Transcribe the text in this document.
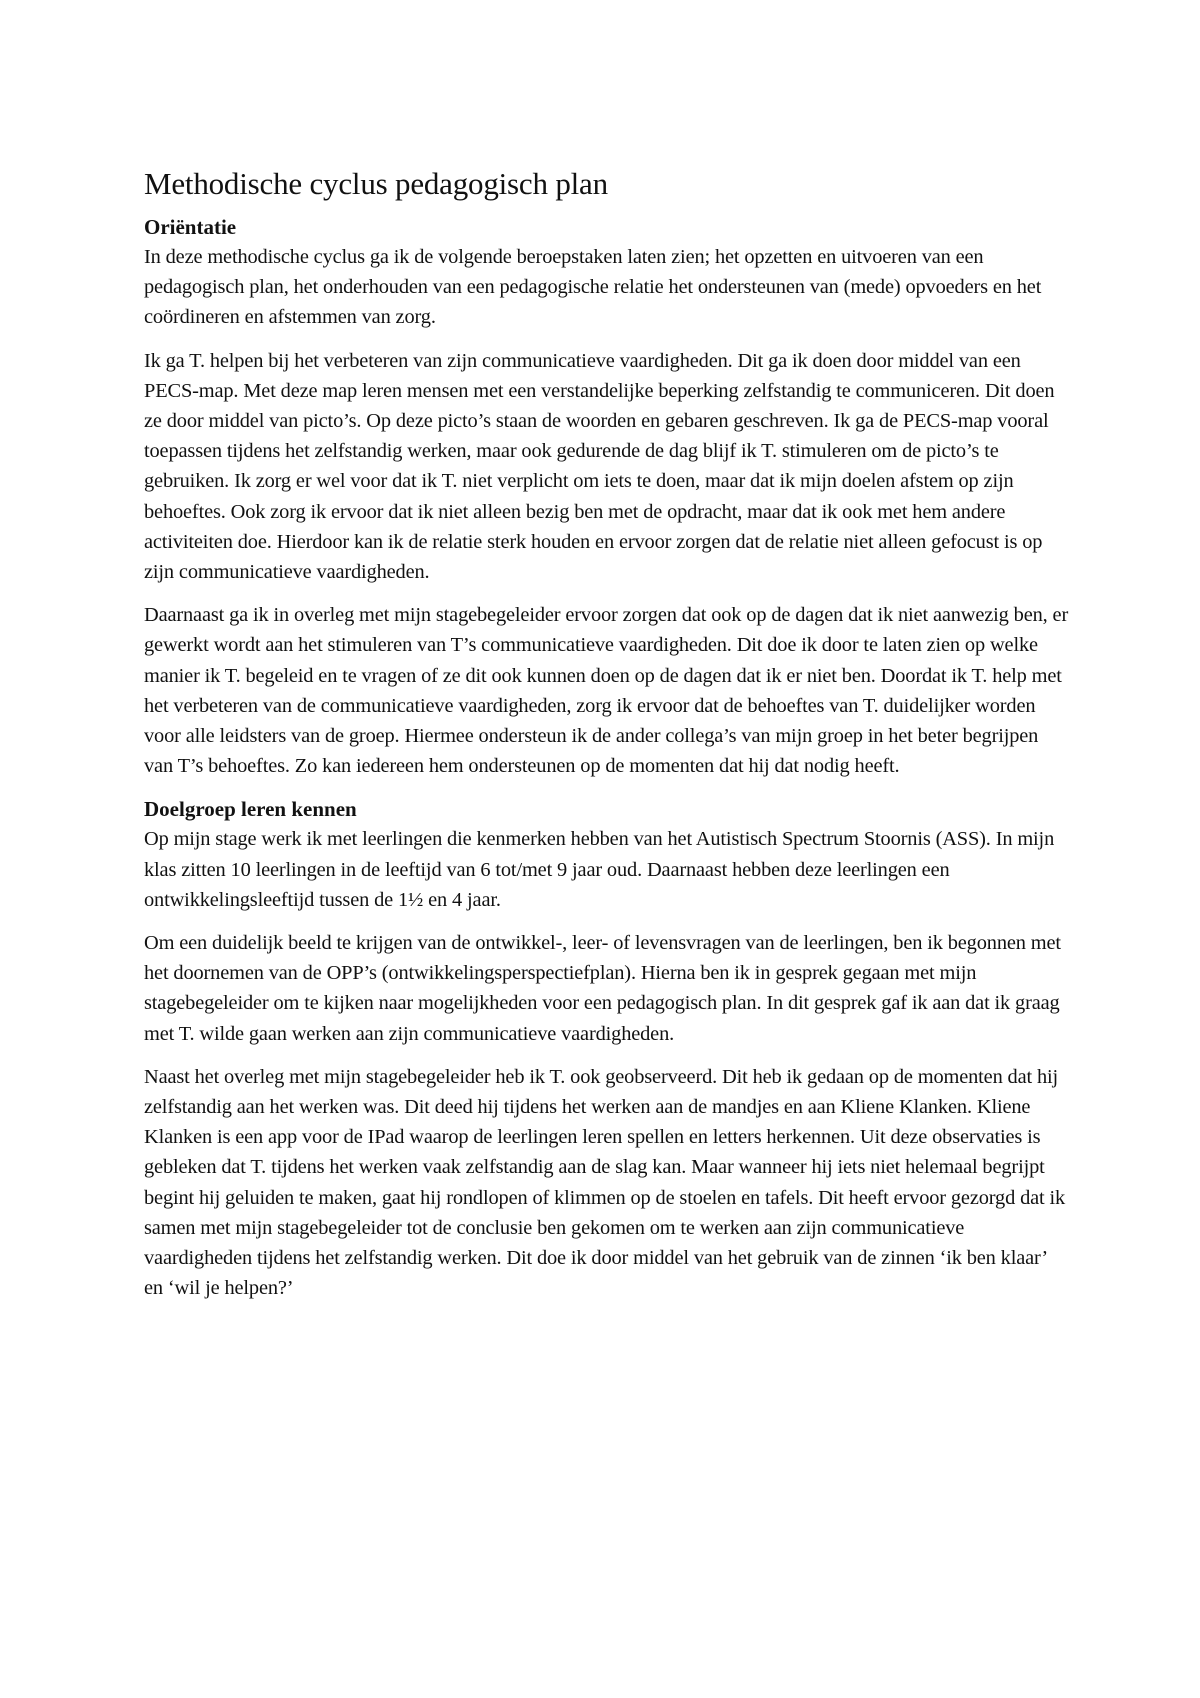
Methodische cyclus pedagogisch plan
Oriëntatie

In deze methodische cyclus ga ik de volgende beroepstaken laten zien; het opzetten en uitvoeren van een pedagogisch plan, het onderhouden van een pedagogische relatie het ondersteunen van (mede) opvoeders en het coördineren en afstemmen van zorg.

Ik ga T. helpen bij het verbeteren van zijn communicatieve vaardigheden. Dit ga ik doen door middel van een PECS-map. Met deze map leren mensen met een verstandelijke beperking zelfstandig te communiceren. Dit doen ze door middel van picto’s. Op deze picto’s staan de woorden en gebaren geschreven. Ik ga de PECS-map vooral toepassen tijdens het zelfstandig werken, maar ook gedurende de dag blijf ik T. stimuleren om de picto’s te gebruiken. Ik zorg er wel voor dat ik T. niet verplicht om iets te doen, maar dat ik mijn doelen afstem op zijn behoeftes. Ook zorg ik ervoor dat ik niet alleen bezig ben met de opdracht, maar dat ik ook met hem andere activiteiten doe. Hierdoor kan ik de relatie sterk houden en ervoor zorgen dat de relatie niet alleen gefocust is op zijn communicatieve vaardigheden.

Daarnaast ga ik in overleg met mijn stagebegeleider ervoor zorgen dat ook op de dagen dat ik niet aanwezig ben, er gewerkt wordt aan het stimuleren van T’s communicatieve vaardigheden. Dit doe ik door te laten zien op welke manier ik T. begeleid en te vragen of ze dit ook kunnen doen op de dagen dat ik er niet ben. Doordat ik T. help met het verbeteren van de communicatieve vaardigheden, zorg ik ervoor dat de behoeftes van T. duidelijker worden voor alle leidsters van de groep. Hiermee ondersteun ik de ander collega’s van mijn groep in het beter begrijpen van T’s behoeftes. Zo kan iedereen hem ondersteunen op de momenten dat hij dat nodig heeft.

Doelgroep leren kennen

Op mijn stage werk ik met leerlingen die kenmerken hebben van het Autistisch Spectrum Stoornis (ASS). In mijn klas zitten 10 leerlingen in de leeftijd van 6 tot/met 9 jaar oud. Daarnaast hebben deze leerlingen een ontwikkelingsleeftijd tussen de 1½ en 4 jaar.

Om een duidelijk beeld te krijgen van de ontwikkel-, leer- of levensvragen van de leerlingen, ben ik begonnen met het doornemen van de OPP’s (ontwikkelingsperspectiefplan). Hierna ben ik in gesprek gegaan met mijn stagebegeleider om te kijken naar mogelijkheden voor een pedagogisch plan. In dit gesprek gaf ik aan dat ik graag met T. wilde gaan werken aan zijn communicatieve vaardigheden.

Naast het overleg met mijn stagebegeleider heb ik T. ook geobserveerd. Dit heb ik gedaan op de momenten dat hij zelfstandig aan het werken was. Dit deed hij tijdens het werken aan de mandjes en aan Kliene Klanken. Kliene Klanken is een app voor de IPad waarop de leerlingen leren spellen en letters herkennen. Uit deze observaties is gebleken dat T. tijdens het werken vaak zelfstandig aan de slag kan. Maar wanneer hij iets niet helemaal begrijpt begint hij geluiden te maken, gaat hij rondlopen of klimmen op de stoelen en tafels. Dit heeft ervoor gezorgd dat ik samen met mijn stagebegeleider tot de conclusie ben gekomen om te werken aan zijn communicatieve vaardigheden tijdens het zelfstandig werken. Dit doe ik door middel van het gebruik van de zinnen ‘ik ben klaar’ en ‘wil je helpen?’
